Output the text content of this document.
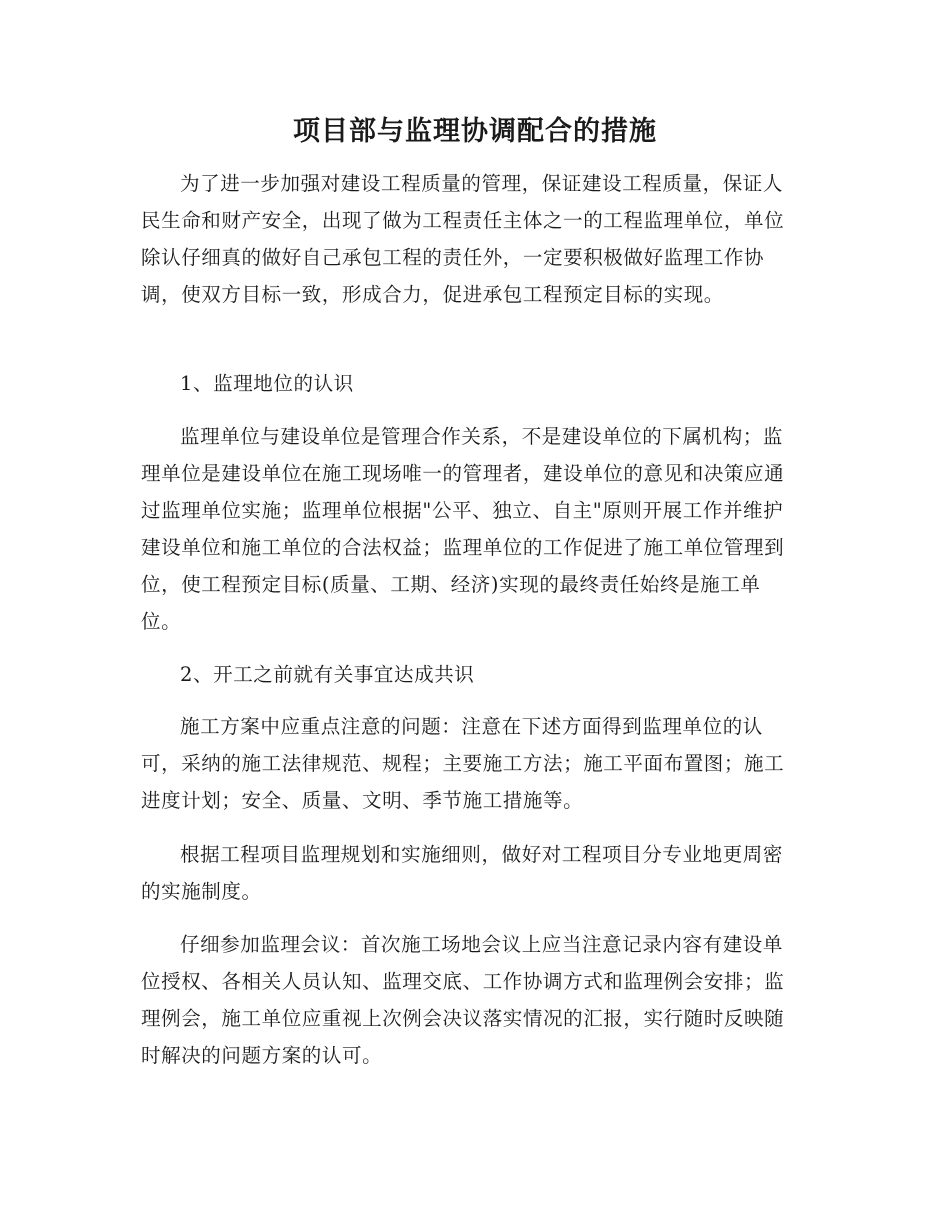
项目部与监理协调配合的措施

为了进一步加强对建设工程质量的管理，保证建设工程质量，保证人民生命和财产安全，出现了做为工程责任主体之一的工程监理单位，单位除认仔细真的做好自己承包工程的责任外，一定要积极做好监理工作协调，使双方目标一致，形成合力，促进承包工程预定目标的实现。

1、监理地位的认识

监理单位与建设单位是管理合作关系，不是建设单位的下属机构；监理单位是建设单位在施工现场唯一的管理者，建设单位的意见和决策应通过监理单位实施；监理单位根据"公平、独立、自主"原则开展工作并维护建设单位和施工单位的合法权益；监理单位的工作促进了施工单位管理到位，使工程预定目标(质量、工期、经济)实现的最终责任始终是施工单位。

2、开工之前就有关事宜达成共识

施工方案中应重点注意的问题：注意在下述方面得到监理单位的认可，采纳的施工法律规范、规程；主要施工方法；施工平面布置图；施工进度计划；安全、质量、文明、季节施工措施等。

根据工程项目监理规划和实施细则，做好对工程项目分专业地更周密的实施制度。

仔细参加监理会议：首次施工场地会议上应当注意记录内容有建设单位授权、各相关人员认知、监理交底、工作协调方式和监理例会安排；监理例会，施工单位应重视上次例会决议落实情况的汇报，实行随时反映随时解决的问题方案的认可。
